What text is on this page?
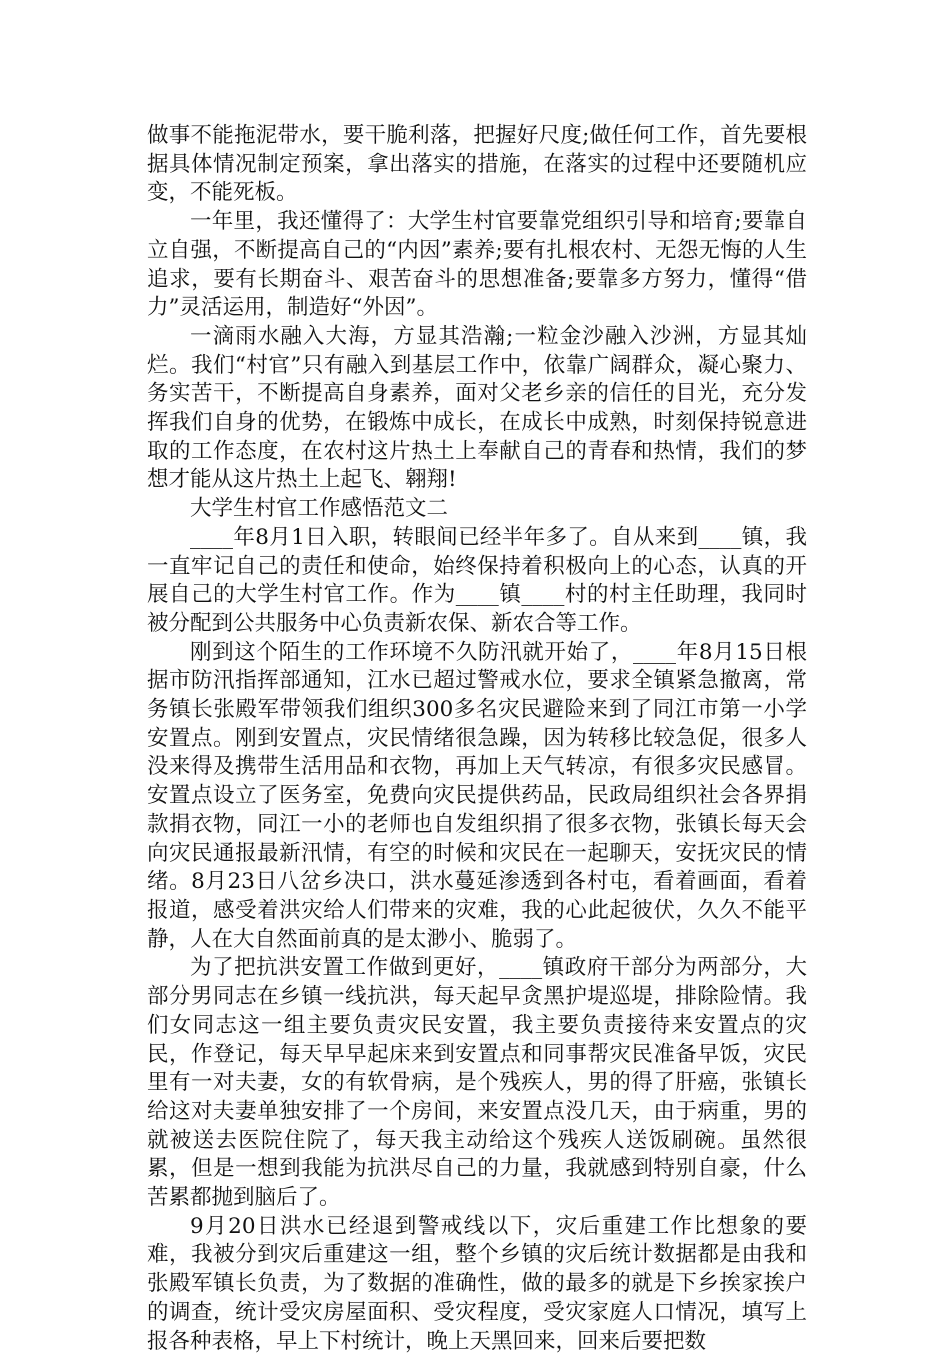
做事不能拖泥带水，要干脆利落，把握好尺度;做任何工作，首先要根据具体情况制定预案，拿出落实的措施，在落实的过程中还要随机应变，不能死板。

一年里，我还懂得了：大学生村官要靠党组织引导和培育;要靠自立自强，不断提高自己的“内因”素养;要有扎根农村、无怨无悔的人生追求，要有长期奋斗、艰苦奋斗的思想准备;要靠多方努力，懂得“借力”灵活运用，制造好“外因”。

一滴雨水融入大海，方显其浩瀚;一粒金沙融入沙洲，方显其灿烂。我们“村官”只有融入到基层工作中，依靠广阔群众，凝心聚力、务实苦干，不断提高自身素养，面对父老乡亲的信任的目光，充分发挥我们自身的优势，在锻炼中成长，在成长中成熟，时刻保持锐意进取的工作态度，在农村这片热土上奉献自己的青春和热情，我们的梦想才能从这片热土上起飞、翱翔!

大学生村官工作感悟范文二

____年8月1日入职，转眼间已经半年多了。自从来到____镇，我一直牢记自己的责任和使命，始终保持着积极向上的心态，认真的开展自己的大学生村官工作。作为____镇____村的村主任助理，我同时被分配到公共服务中心负责新农保、新农合等工作。

刚到这个陌生的工作环境不久防汛就开始了，____年8月15日根据市防汛指挥部通知，江水已超过警戒水位，要求全镇紧急撤离，常务镇长张殿军带领我们组织300多名灾民避险来到了同江市第一小学安置点。刚到安置点，灾民情绪很急躁，因为转移比较急促，很多人没来得及携带生活用品和衣物，再加上天气转凉，有很多灾民感冒。安置点设立了医务室，免费向灾民提供药品，民政局组织社会各界捐款捐衣物，同江一小的老师也自发组织捐了很多衣物，张镇长每天会向灾民通报最新汛情，有空的时候和灾民在一起聊天，安抚灾民的情绪。8月23日八岔乡决口，洪水蔓延渗透到各村屯，看着画面，看着报道，感受着洪灾给人们带来的灾难，我的心此起彼伏，久久不能平静，人在大自然面前真的是太渺小、脆弱了。

为了把抗洪安置工作做到更好，____镇政府干部分为两部分，大部分男同志在乡镇一线抗洪，每天起早贪黑护堤巡堤，排除险情。我们女同志这一组主要负责灾民安置，我主要负责接待来安置点的灾民，作登记，每天早早起床来到安置点和同事帮灾民准备早饭，灾民里有一对夫妻，女的有软骨病，是个残疾人，男的得了肝癌，张镇长给这对夫妻单独安排了一个房间，来安置点没几天，由于病重，男的就被送去医院住院了，每天我主动给这个残疾人送饭刷碗。虽然很累，但是一想到我能为抗洪尽自己的力量，我就感到特别自豪，什么苦累都抛到脑后了。

9月20日洪水已经退到警戒线以下，灾后重建工作比想象的要难，我被分到灾后重建这一组，整个乡镇的灾后统计数据都是由我和张殿军镇长负责，为了数据的准确性，做的最多的就是下乡挨家挨户的调查，统计受灾房屋面积、受灾程度，受灾家庭人口情况，填写上报各种表格，早上下村统计，晚上天黑回来，回来后要把数
